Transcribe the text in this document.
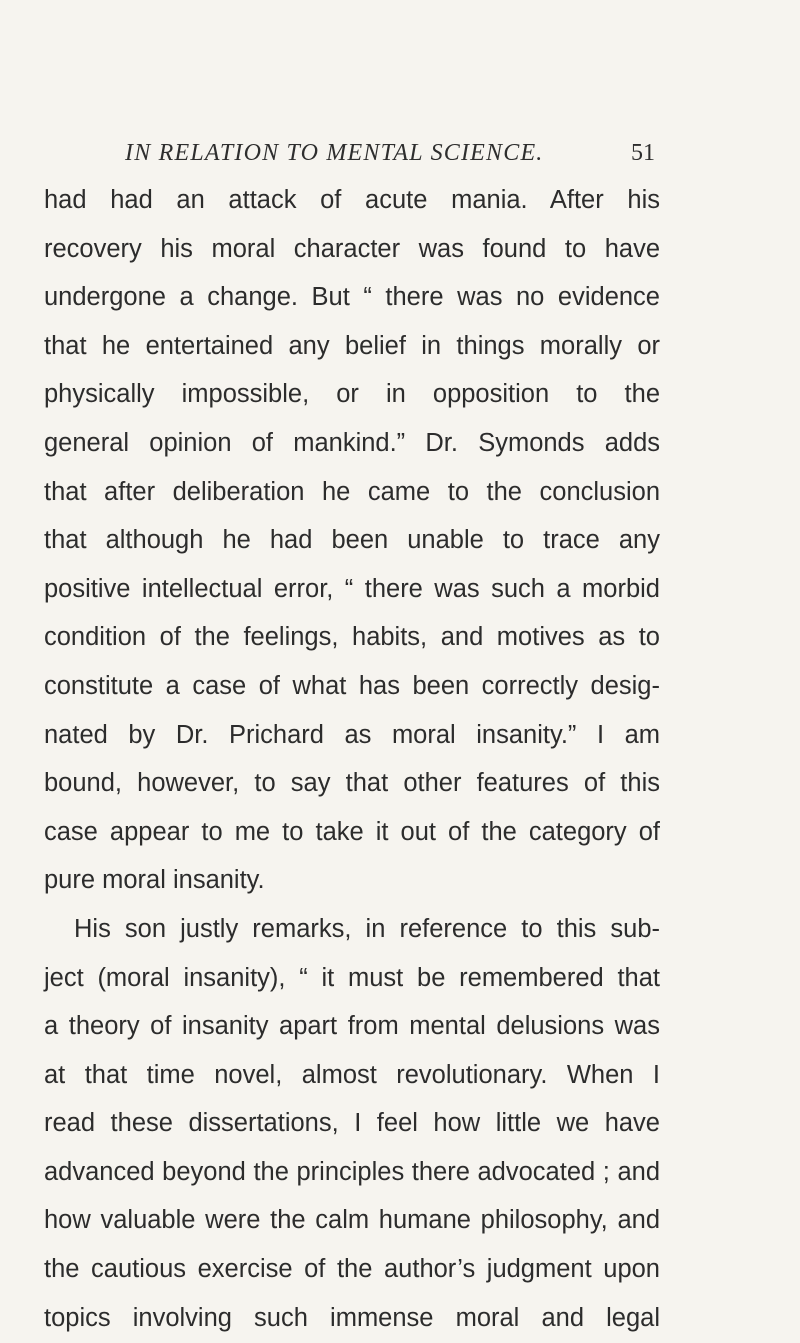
IN RELATION TO MENTAL SCIENCE.	51
had had an attack of acute mania. After his
recovery his moral character was found to have
undergone a change. But “ there was no evidence
that he entertained any belief in things morally or
physically impossible, or in opposition to the
general opinion of mankind.” Dr. Symonds adds
that after deliberation he came to the conclusion
that although he had been unable to trace any
positive intellectual error, “ there was such a morbid
condition of the feelings, habits, and motives as to
constitute a case of what has been correctly desig-
nated by Dr. Prichard as moral insanity.” I am
bound, however, to say that other features of this
case appear to me to take it out of the category of
pure moral insanity.
His son justly remarks, in reference to this sub-
ject (moral insanity), “ it must be remembered that
a theory of insanity apart from mental delusions was
at that time novel, almost revolutionary. When I
read these dissertations, I feel how little we have
advanced beyond the principles there advocated ; and
how valuable were the calm humane philosophy, and
the cautious exercise of the author’s judgment upon
topics involving such immense moral and legal
